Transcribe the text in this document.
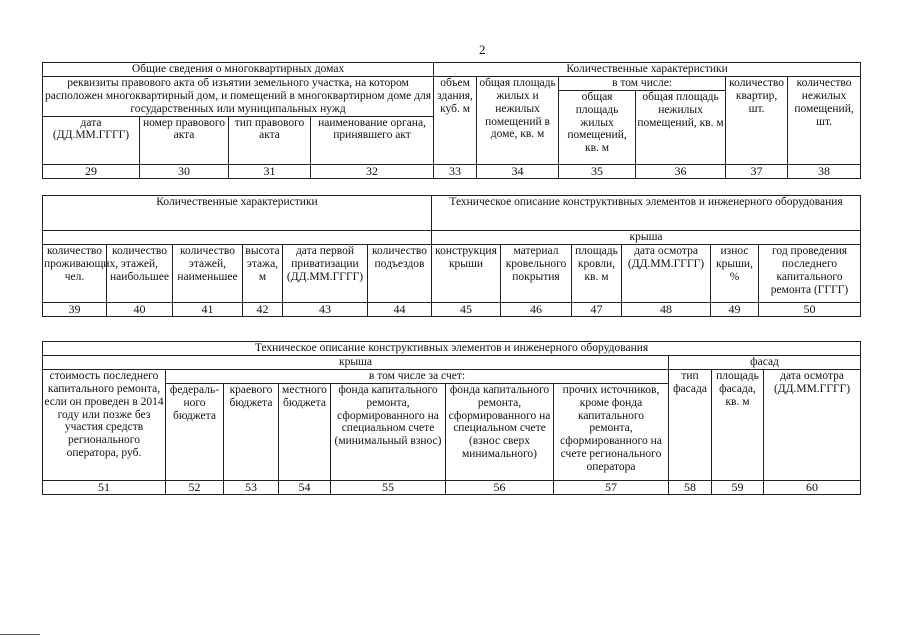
2
Общие сведения о многоквартирных домах				Количественные характеристики					
реквизиты правового акта об изъятии земельного участка, на котором расположен многоквартирный дом, и помещений в многоквартирном доме для государственных или муниципальных нужд				объем здания, куб. м	общая площадь жилых и нежилых помещений в доме, кв. м	в том числе:		количество квартир, шт.	количество нежилых помещений, шт.
						общая площадь жилых помещений, кв. м	общая площадь нежилых помещений, кв. м		
дата (ДД.ММ.ГГГГ)	номер правового акта	тип правового акта	наименование органа, принявшего акт						
29	30	31	32	33	34	35	36	37	38
Количественные характеристики						Техническое описание конструктивных элементов и инженерного оборудования					
						крыша					

количество проживающих, чел.	количество этажей, наибольшее	количество этажей, наименьшее	высота этажа, м	дата первой приватизации (ДД.ММ.ГГГГ)	количество подъездов	конструкция крыши	материал кровельного покрытия	площадь кровли, кв. м	дата осмотра (ДД.ММ.ГГГГ)	износ крыши, %	год проведения последнего капитального ремонта (ГГГГ)
39	40	41	42	43	44	45	46	47	48	49	50
Техническое описание конструктивных элементов и инженерного оборудования									
крыша							фасад		
стоимость последнего капитального ремонта, если он проведен в 2014 году или позже без участия средств регионального оператора, руб.	в том числе за счет:						тип фасада	площадь фасада, кв. м	дата осмотра (ДД.ММ.ГГГГ)
	федераль-ного бюджета	краевого бюджета	местного бюджета	фонда капитального ремонта, сформированного на специальном счете (минимальный взнос)	фонда капитального ремонта, сформированного на специальном счете (взнос сверх минимального)	прочих источников, кроме фонда капитального ремонта, сформированного на счете регионального оператора			
51	52	53	54	55	56	57	58	59	60
